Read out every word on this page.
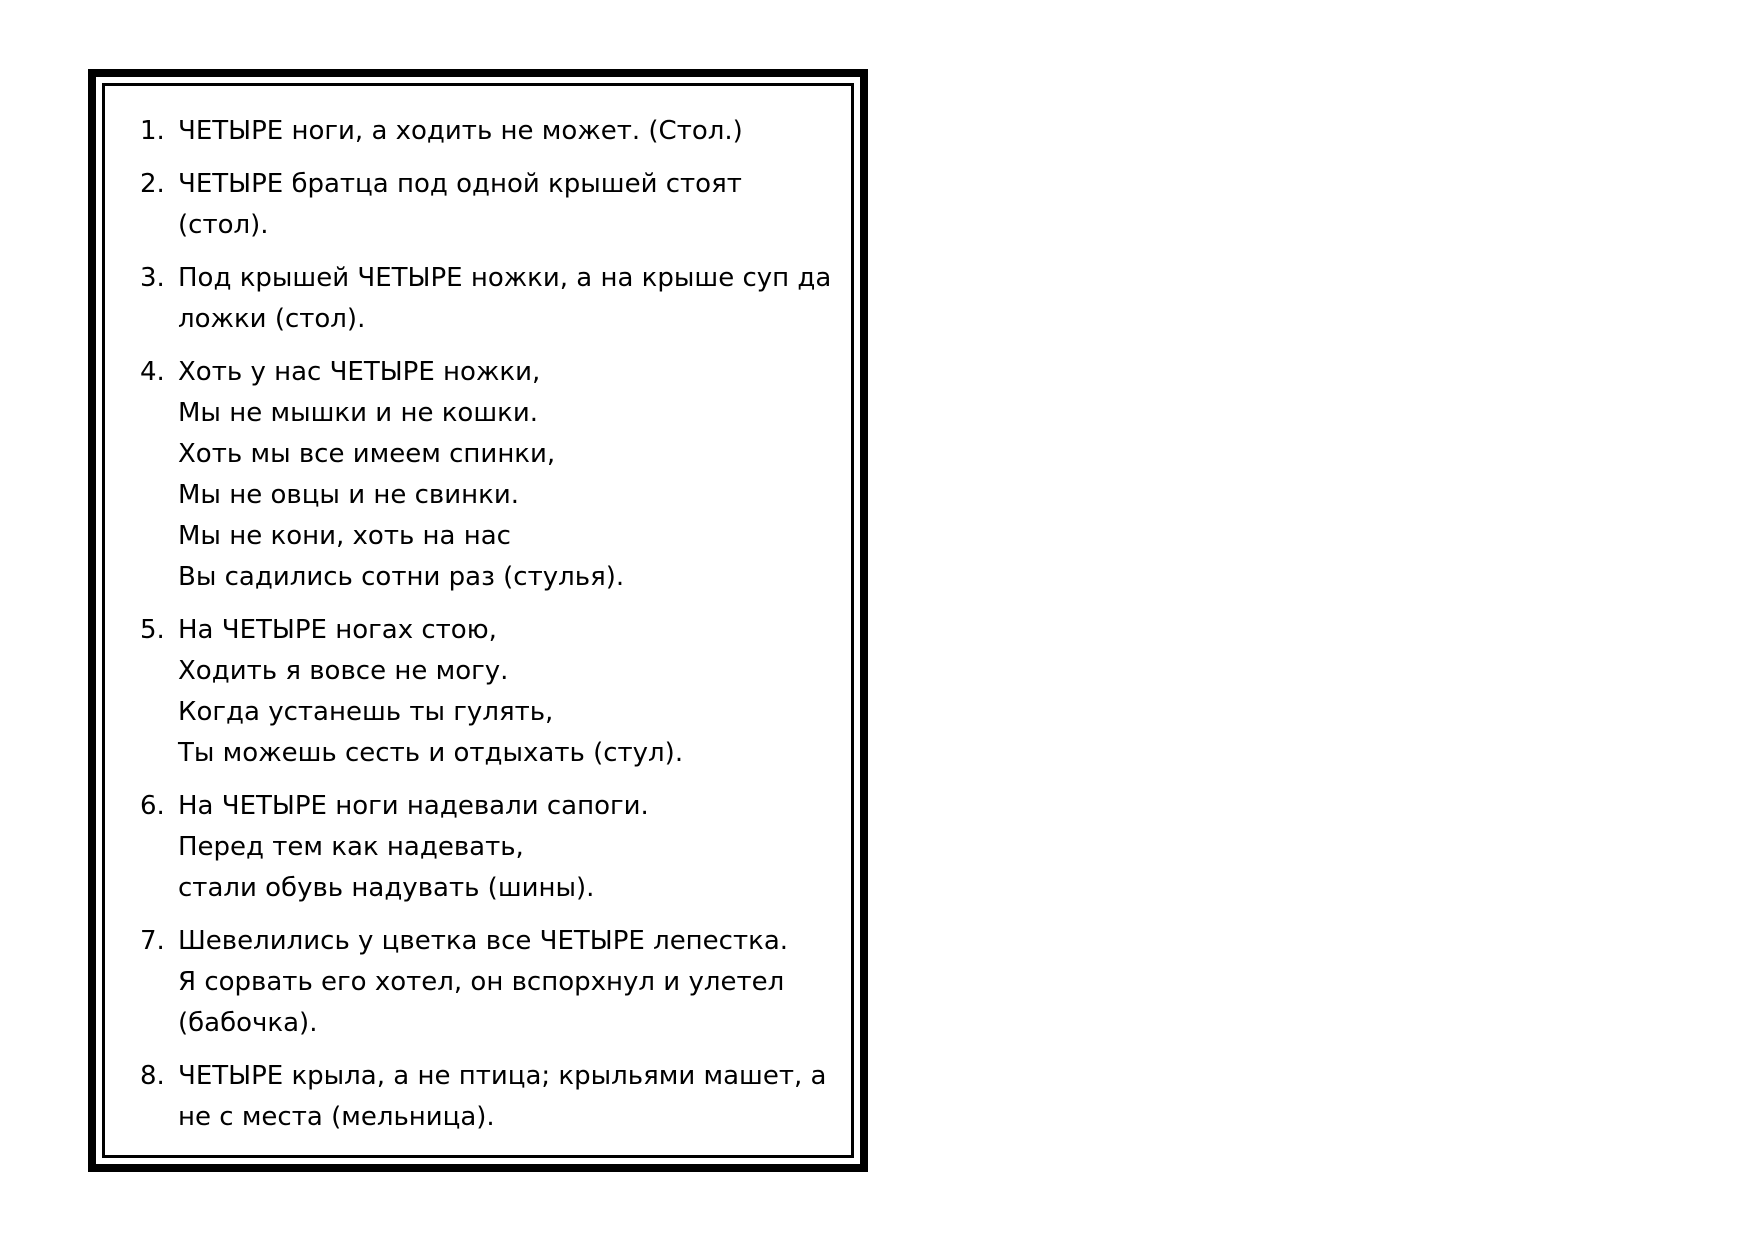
1. ЧЕТЫРЕ ноги, а ходить не может. (Стол.)
2. ЧЕТЫРЕ братца под одной крышей стоят
(стол).
3. Под крышей ЧЕТЫРЕ ножки, а на крыше суп да
ложки (стол).
4. Хоть у нас ЧЕТЫРЕ ножки,
Мы не мышки и не кошки.
Хоть мы все имеем спинки,
Мы не овцы и не свинки.
Мы не кони, хоть на нас
Вы садились сотни раз (стулья).
5. На ЧЕТЫРЕ ногах стою,
Ходить я вовсе не могу.
Когда устанешь ты гулять,
Ты можешь сесть и отдыхать (стул).
6. На ЧЕТЫРЕ ноги надевали сапоги.
Перед тем как надевать,
стали обувь надувать (шины).
7. Шевелились у цветка все ЧЕТЫРЕ лепестка.
Я сорвать его хотел, он вспорхнул и улетел
(бабочка).
8. ЧЕТЫРЕ крыла, а не птица; крыльями машет, а
не с места (мельница).
